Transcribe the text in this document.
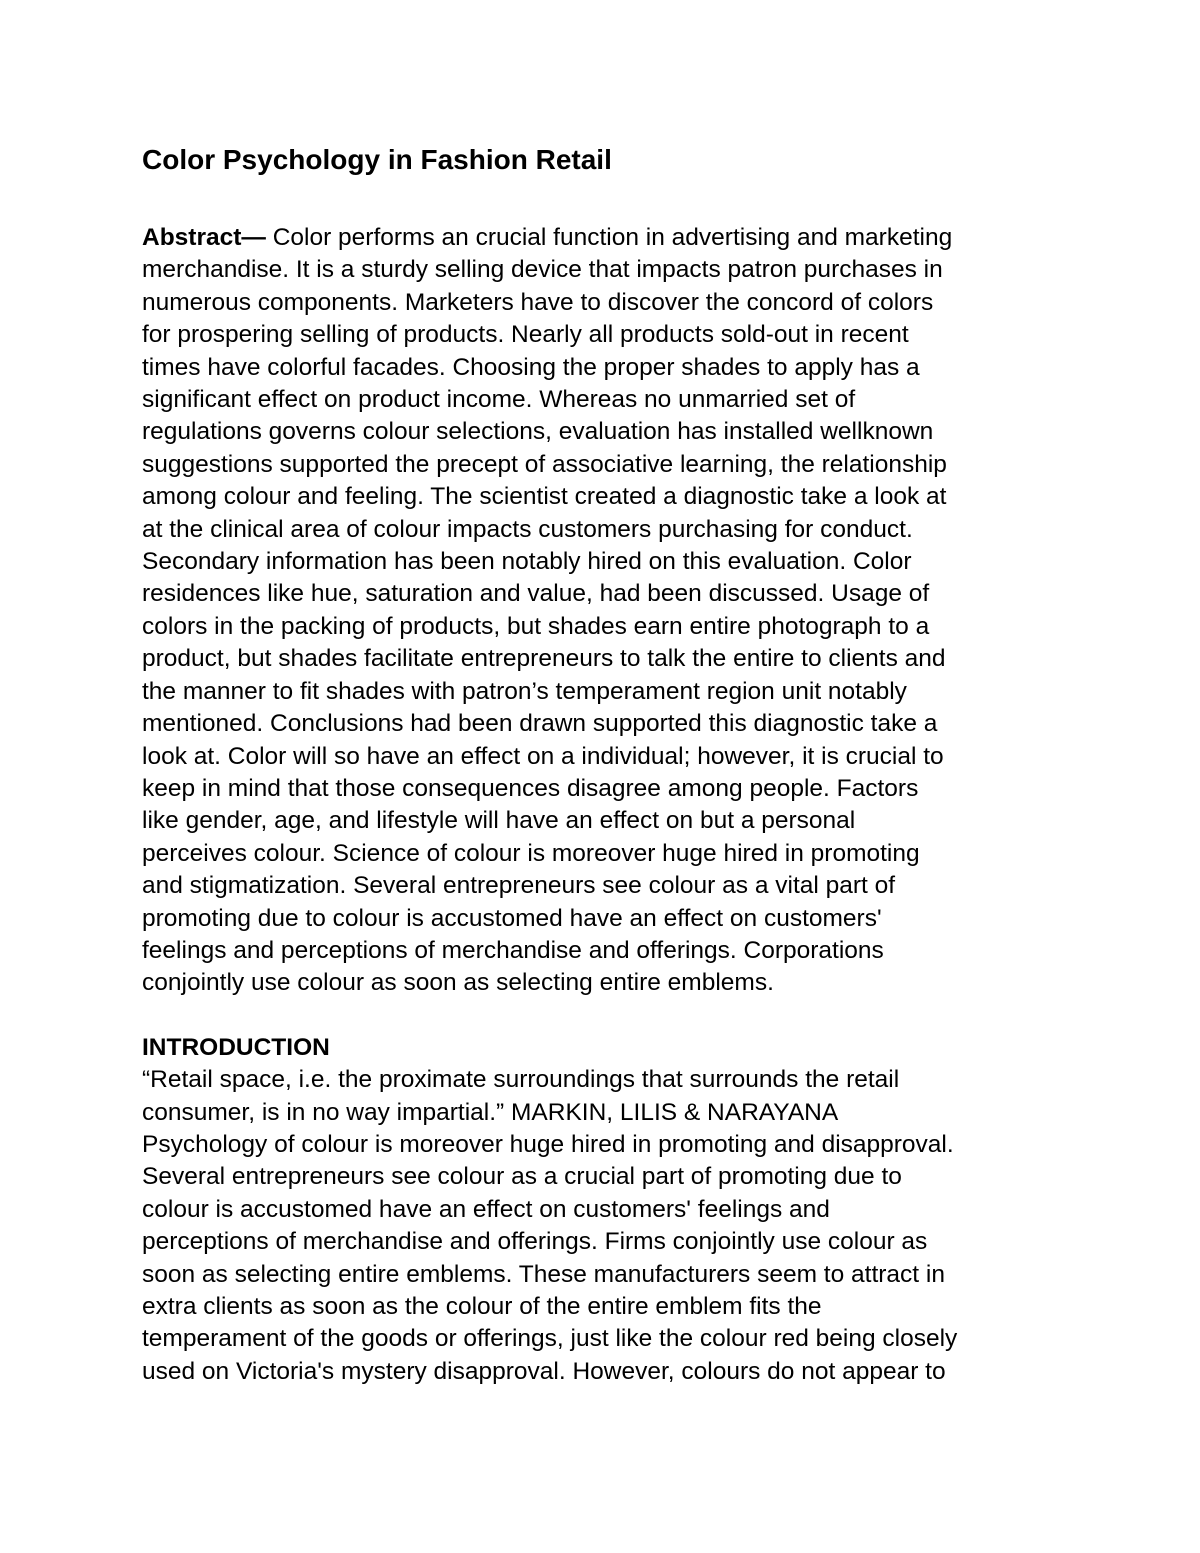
Color Psychology in Fashion Retail

Abstract— Color performs an crucial function in advertising and marketing

merchandise. It is a sturdy selling device that impacts patron purchases in

numerous components. Marketers have to discover the concord of colors

for prospering selling of products. Nearly all products sold-out in recent

times have colorful facades. Choosing the proper shades to apply has a

significant effect on product income. Whereas no unmarried set of

regulations governs colour selections, evaluation has installed wellknown

suggestions supported the precept of associative learning, the relationship

among colour and feeling. The scientist created a diagnostic take a look at

at the clinical area of colour impacts customers purchasing for conduct.

Secondary information has been notably hired on this evaluation. Color

residences like hue, saturation and value, had been discussed. Usage of

colors in the packing of products, but shades earn entire photograph to a

product, but shades facilitate entrepreneurs to talk the entire to clients and

the manner to fit shades with patron’s temperament region unit notably

mentioned. Conclusions had been drawn supported this diagnostic take a

look at. Color will so have an effect on a individual; however, it is crucial to

keep in mind that those consequences disagree among people. Factors

like gender, age, and lifestyle will have an effect on but a personal

perceives colour. Science of colour is moreover huge hired in promoting

and stigmatization. Several entrepreneurs see colour as a vital part of

promoting due to colour is accustomed have an effect on customers'

feelings and perceptions of merchandise and offerings. Corporations

conjointly use colour as soon as selecting entire emblems.

INTRODUCTION

“Retail space, i.e. the proximate surroundings that surrounds the retail

consumer, is in no way impartial.” MARKIN, LILIS & NARAYANA

Psychology of colour is moreover huge hired in promoting and disapproval.

Several entrepreneurs see colour as a crucial part of promoting due to

colour is accustomed have an effect on customers' feelings and

perceptions of merchandise and offerings. Firms conjointly use colour as

soon as selecting entire emblems. These manufacturers seem to attract in

extra clients as soon as the colour of the entire emblem fits the

temperament of the goods or offerings, just like the colour red being closely

used on Victoria's mystery disapproval. However, colours do not appear to
